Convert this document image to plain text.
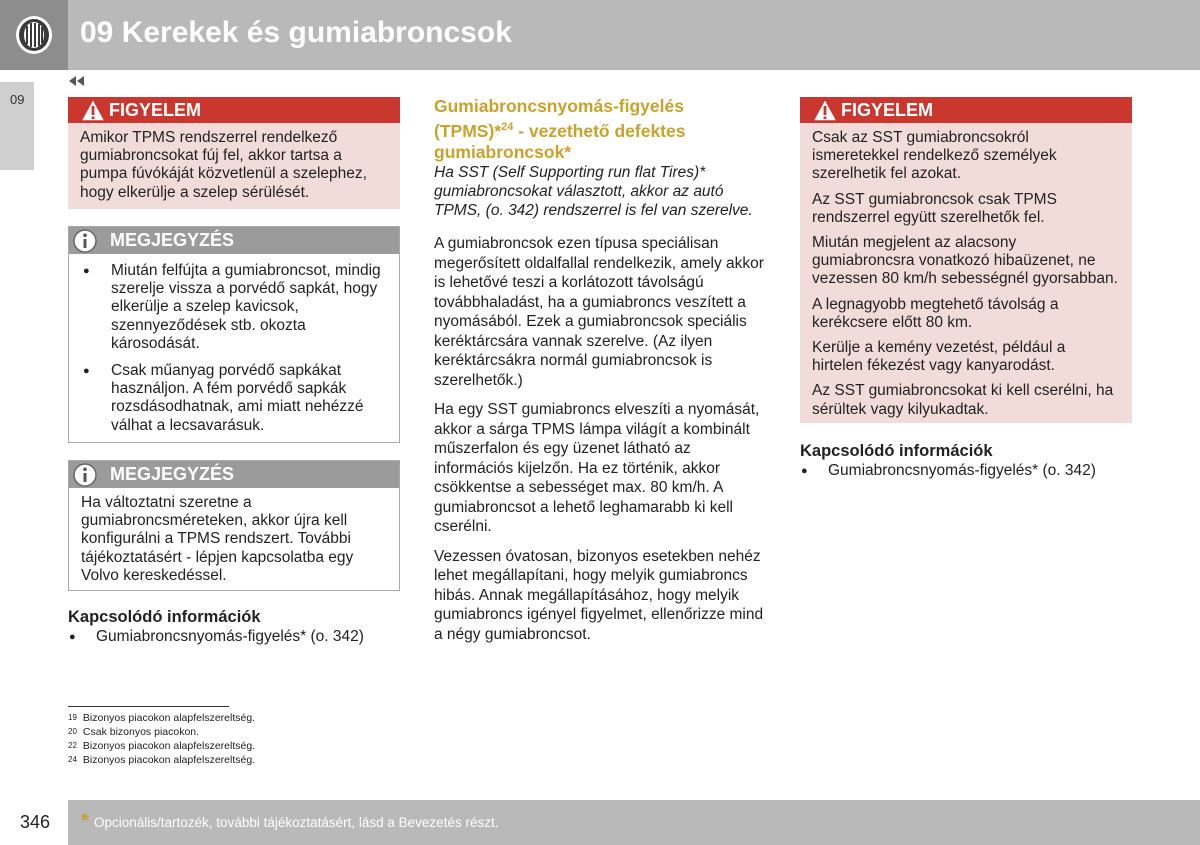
09 Kerekek és gumiabroncsok
09
FIGYELEM
Amikor TPMS rendszerrel rendelkező gumiabroncsokat fúj fel, akkor tartsa a pumpa fúvókáját közvetlenül a szelephez, hogy elkerülje a szelep sérülését.
MEGJEGYZÉS
● Miután felfújta a gumiabroncsot, mindig szerelje vissza a porvédő sapkát, hogy elkerülje a szelep kavicsok, szennyeződések stb. okozta károsodását.
● Csak műanyag porvédő sapkákat használjon. A fém porvédő sapkák rozsdásodhatnak, ami miatt nehézzé válhat a lecsavarásuk.
MEGJEGYZÉS
Ha változtatni szeretne a gumiabroncsméreteken, akkor újra kell konfigurálni a TPMS rendszert. További tájékoztatásért - lépjen kapcsolatba egy Volvo kereskedéssel.
Kapcsolódó információk
● Gumiabroncsnyomás-figyelés* (o. 342)
Gumiabroncsnyomás-figyelés (TPMS)*$^{24}$ - vezethető defektes gumiabroncsok*
Ha SST (Self Supporting run flat Tires)* gumiabroncsokat választott, akkor az autó TPMS, (o. 342) rendszerrel is fel van szerelve.

A gumiabroncsok ezen típusa speciálisan megerősített oldalfallal rendelkezik, amely akkor is lehetővé teszi a korlátozott távolságú továbbhaladást, ha a gumiabroncs veszített a nyomásából. Ezek a gumiabroncsok speciális keréktárcsára vannak szerelve. (Az ilyen keréktárcsákra normál gumiabroncsok is szerelhetők.)

Ha egy SST gumiabroncs elveszíti a nyomását, akkor a sárga TPMS lámpa világít a kombinált műszerfalon és egy üzenet látható az információs kijelzőn. Ha ez történik, akkor csökkentse a sebességet max. 80 km/h. A gumiabroncsot a lehető leghamarabb ki kell cserélni.

Vezessen óvatosan, bizonyos esetekben nehéz lehet megállapítani, hogy melyik gumiabroncs hibás. Annak megállapításához, hogy melyik gumiabroncs igényel figyelmet, ellenőrizze mind a négy gumiabroncsot.

FIGYELEM

Csak az SST gumiabroncsokról ismeretekkel rendelkező személyek szerelhetik fel azokat.

Az SST gumiabroncsok csak TPMS rendszerrel együtt szerelhetők fel.

Miután megjelent az alacsony gumiabroncsra vonatkozó hibaüzenet, ne vezessen 80 km/h sebességnél gyorsabban.

A legnagyobb megtehető távolság a kerékcsere előtt 80 km.

Kerülje a kemény vezetést, például a hirtelen fékezést vagy kanyarodást.

Az SST gumiabroncsokat ki kell cserélni, ha sérültek vagy kilyukadtak.

Kapcsolódó információk
● Gumiabroncsnyomás-figyelés* (o. 342)
$^{19}$ Bizonyos piacokon alapfelszereltség.
$^{20}$ Csak bizonyos piacokon.
$^{22}$ Bizonyos piacokon alapfelszereltség.
$^{24}$ Bizonyos piacokon alapfelszereltség.
346 * Opcionális/tartozék, további tájékoztatásért, lásd a Bevezetés részt.
